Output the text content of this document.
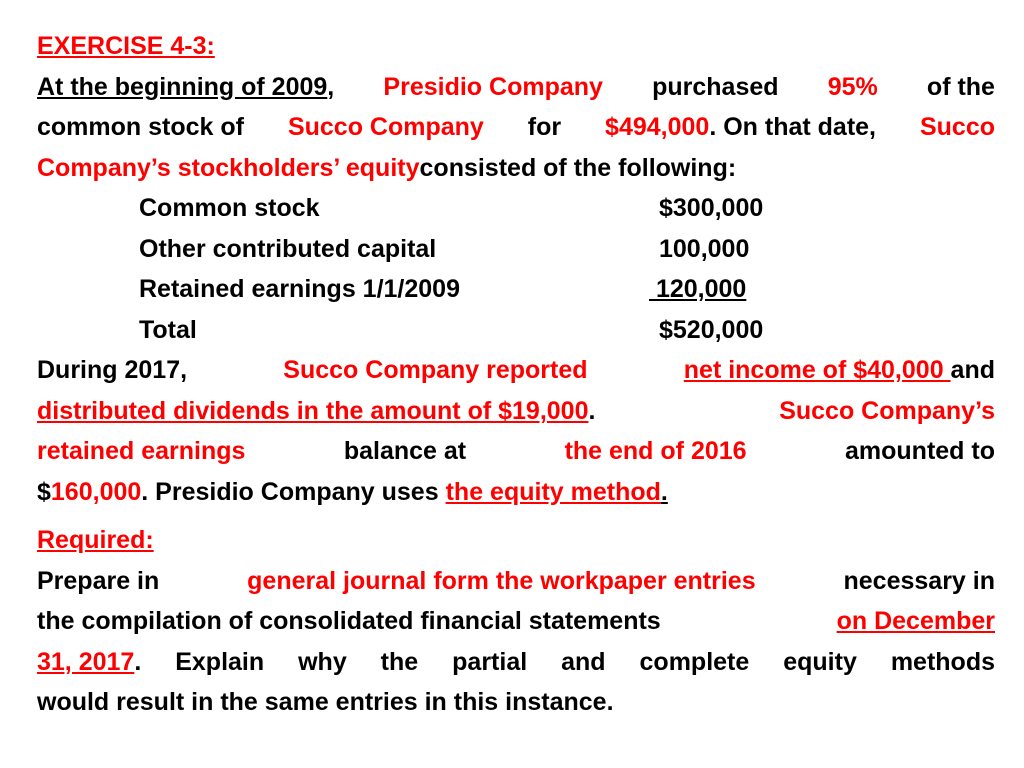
EXERCISE 4-3:
At the beginning of 2009, Presidio Company purchased 95% of the
common stock of Succo Company for $494,000. On that date, Succo
Company’s stockholders’ equity consisted of the following:
Common stock	$300,000
Other contributed capital	100,000
Retained earnings 1/1/2009	120,000
Total	$520,000
During 2017,	Succo Company reported	net income of $40,000 and
distributed dividends in the amount of $19,000.	Succo Company’s
retained earnings	balance at	the end of 2016	amounted to
$ 160,000 . Presidio Company uses the equity method .
Required:
Prepare in	general journal form the workpaper entries	necessary in
the compilation of consolidated financial statements	on December
31, 2017 . Explain why the partial and complete equity methods
would result in the same entries in this instance.
